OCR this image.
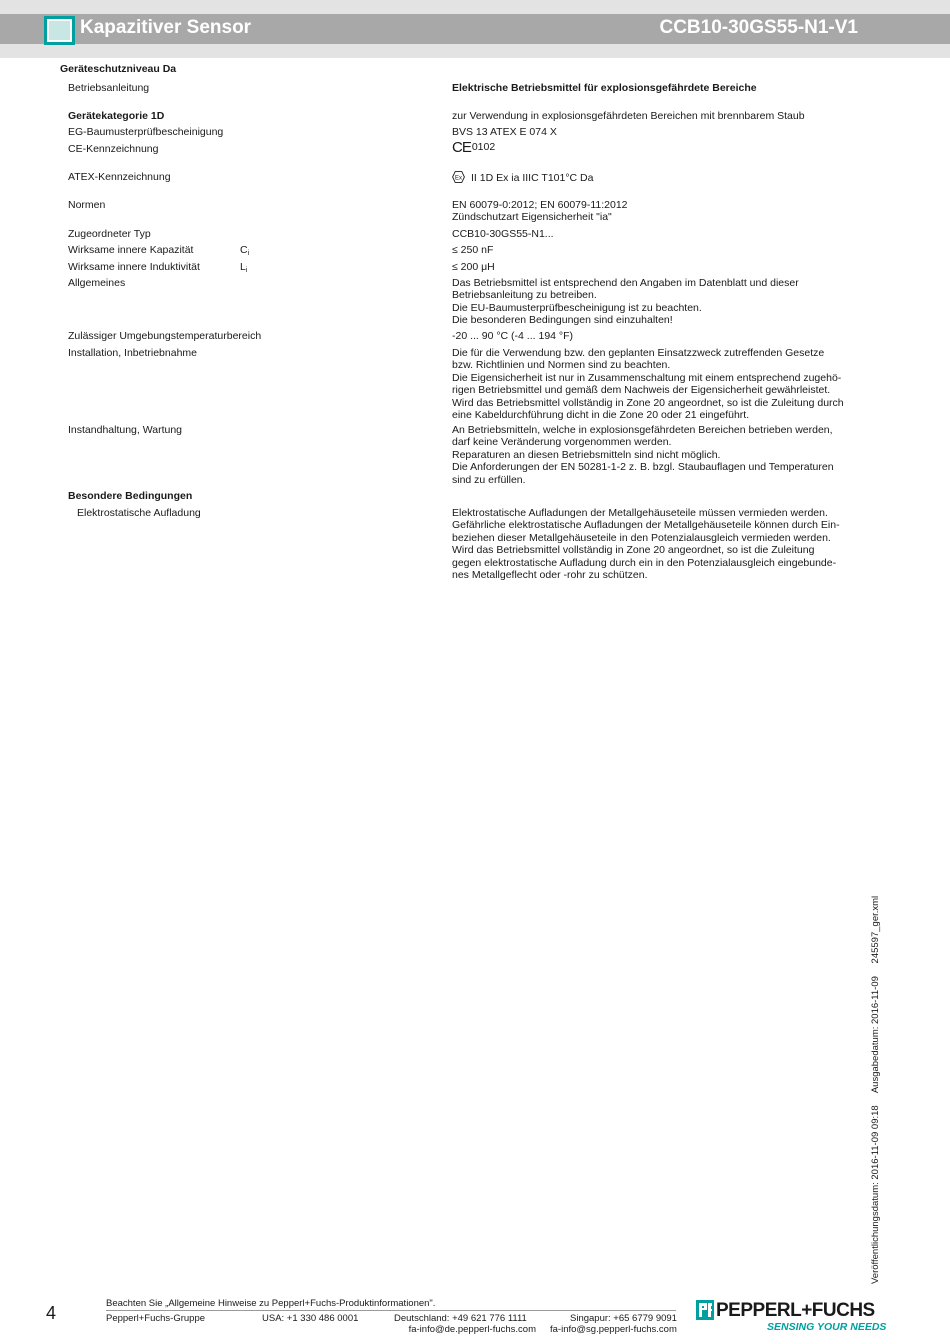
Kapazitiver Sensor	CCB10-30GS55-N1-V1
Geräteschutzniveau Da
Betriebsanleitung	Elektrische Betriebsmittel für explosionsgefährdete Bereiche
Gerätekategorie 1D	zur Verwendung in explosionsgefährdeten Bereichen mit brennbarem Staub
EG-Baumusterprüfbescheinigung	BVS 13 ATEX E 074 X
CE-Kennzeichnung	CE0102
ATEX-Kennzeichnung	Ex II 1D Ex ia IIIC T101°C Da
Normen	EN 60079-0:2012; EN 60079-11:2012
Zündschutzart Eigensicherheit "ia"
Zugeordneter Typ	CCB10-30GS55-N1...
Wirksame innere Kapazität	$C_i$	≤ 250 nF
Wirksame innere Induktivität	$L_i$	≤ 200 μH
Allgemeines	Das Betriebsmittel ist entsprechend den Angaben im Datenblatt und dieser
Betriebsanleitung zu betreiben.
Die EU-Baumusterprüfbescheinigung ist zu beachten.
Die besonderen Bedingungen sind einzuhalten!
Zulässiger Umgebungstemperaturbereich	-20 ... 90 °C (-4 ... 194 °F)
Installation, Inbetriebnahme	Die für die Verwendung bzw. den geplanten Einsatzzweck zutreffenden Gesetze
bzw. Richtlinien und Normen sind zu beachten.
Die Eigensicherheit ist nur in Zusammenschaltung mit einem entsprechend zugehö-
rigen Betriebsmittel und gemäß dem Nachweis der Eigensicherheit gewährleistet.
Wird das Betriebsmittel vollständig in Zone 20 angeordnet, so ist die Zuleitung durch
eine Kabeldurchführung dicht in die Zone 20 oder 21 eingeführt.
Instandhaltung, Wartung	An Betriebsmitteln, welche in explosionsgefährdeten Bereichen betrieben werden,
darf keine Veränderung vorgenommen werden.
Reparaturen an diesen Betriebsmitteln sind nicht möglich.
Die Anforderungen der EN 50281-1-2 z. B. bzgl. Staubauflagen und Temperaturen
sind zu erfüllen.
Besondere Bedingungen
Elektrostatische Aufladung	Elektrostatische Aufladungen der Metallgehäuseteile müssen vermieden werden.
Gefährliche elektrostatische Aufladungen der Metallgehäuseteile können durch Ein-
beziehen dieser Metallgehäuseteile in den Potenzialausgleich vermieden werden.
Wird das Betriebsmittel vollständig in Zone 20 angeordnet, so ist die Zuleitung
gegen elektrostatische Aufladung durch ein in den Potenzialausgleich eingebunde-
nes Metallgeflecht oder -rohr zu schützen.
Veröffentlichungsdatum: 2016-11-09 09:18 Ausgabedatum: 2016-11-09 245597_ger.xml
4	Beachten Sie „Allgemeine Hinweise zu Pepperl+Fuchs-Produktinformationen".
Pepperl+Fuchs-Gruppe	USA: +1 330 486 0001	Deutschland: +49 621 776 1111
fa-info@de.pepperl-fuchs.com
Singapur: +65 6779 9091
fa-info@sg.pepperl-fuchs.com
PEPPERL+FUCHS
SENSING YOUR NEEDS
